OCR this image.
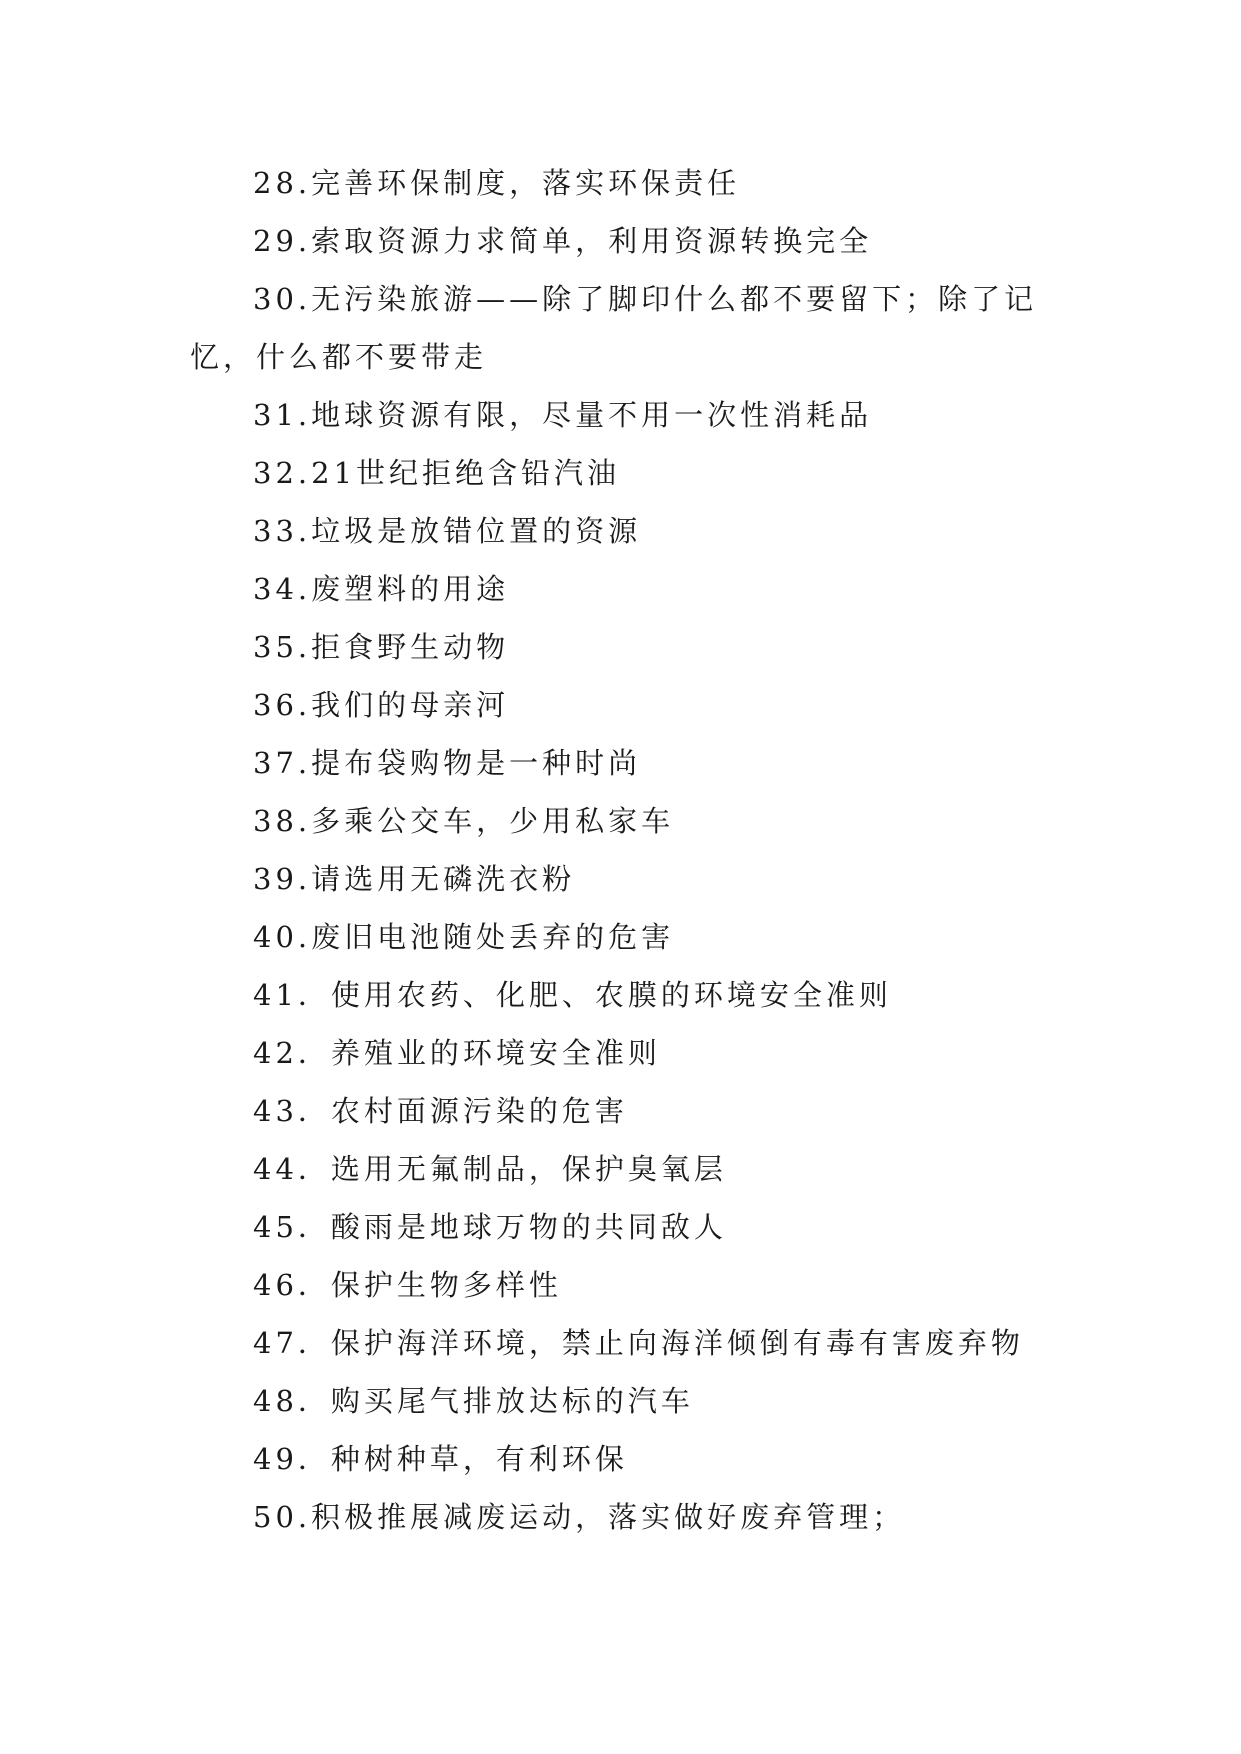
28.完善环保制度，落实环保责任

29.索取资源力求简单，利用资源转换完全

30.无污染旅游——除了脚印什么都不要留下；除了记忆，什么都不要带走

31.地球资源有限，尽量不用一次性消耗品

32.21世纪拒绝含铅汽油

33.垃圾是放错位置的资源

34.废塑料的用途

35.拒食野生动物

36.我们的母亲河

37.提布袋购物是一种时尚

38.多乘公交车，少用私家车

39.请选用无磷洗衣粉

40.废旧电池随处丢弃的危害

41．使用农药、化肥、农膜的环境安全准则

42．养殖业的环境安全准则

43．农村面源污染的危害

44．选用无氟制品，保护臭氧层

45．酸雨是地球万物的共同敌人

46．保护生物多样性

47．保护海洋环境，禁止向海洋倾倒有毒有害废弃物

48．购买尾气排放达标的汽车

49．种树种草，有利环保

50.积极推展减废运动，落实做好废弃管理；
